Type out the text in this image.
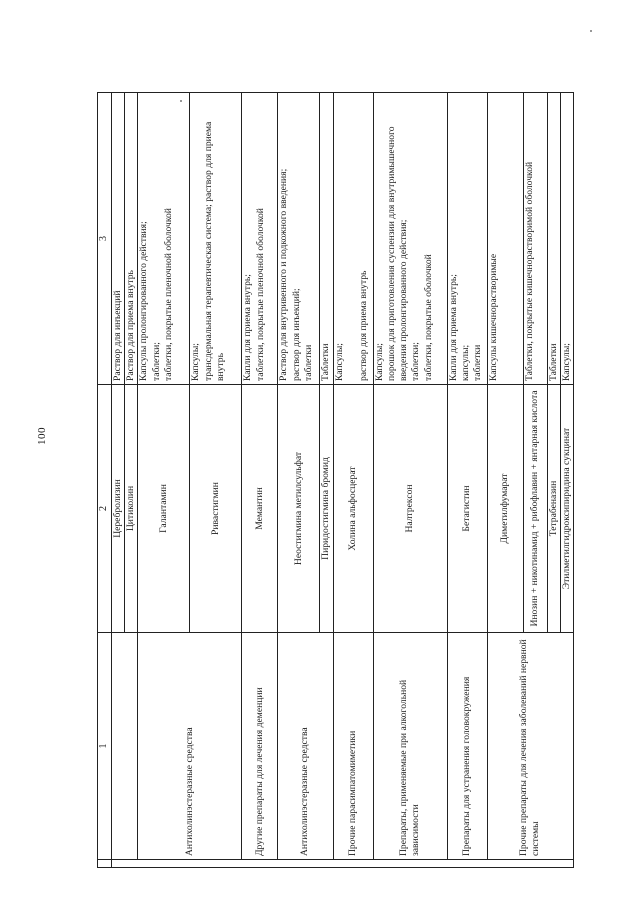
100
	1	2	3
		Церебролизин	Раствор для инъекций

		Цитиколин	Раствор для приема внутрь

	Антихолинэстеразные средства	Галантамин	Капсулы пролонгированного действия; таблетки; таблетки, покрытые пленочной оболочкой

		Ривастигмин	Капсулы; трансдермальная терапевтическая система; раствор для приема внутрь

	Другие препараты для лечения деменции	Мемантин	Капли для приема внутрь; таблетки, покрытые пленочной оболочкой

	Антихолинэстеразные средства	Неостигмина метилсульфат	Раствор для внутривенного и подкожного введения; раствор для инъекций; таблетки

		Пиридостигмина бромид	Таблетки

	Прочие парасимпатомиметики	Холина альфосцерат	Капсулы;
раствор для приема внутрь

	Препараты, применяемые при алкогольной зависимости	Налтрексон	Капсулы; порошок для приготовления суспензии для внутримышечного введения пролонгированного действия; таблетки; таблетки, покрытые оболочкой

	Препараты для устранения головокружения	Бетагистин	Капли для приема внутрь; капсулы; таблетки

	Прочие препараты для лечения заболеваний нервной системы	Диметилфумарат	Капсулы кишечнорастворимые

		Инозин + никотинамид + рибофлавин + янтарная кислота	Таблетки, покрытые кишечнорастворимой оболочкой

		Тетрабеназин	Таблетки

		Этилметилгидроксипиридина сукцинат	Капсулы;
